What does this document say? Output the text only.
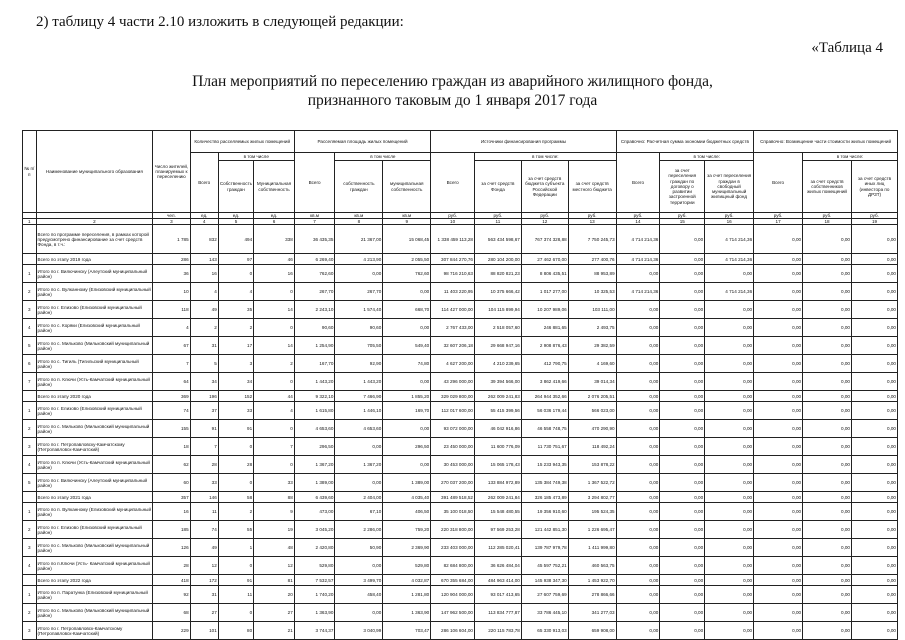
2) таблицу 4 части 2.10 изложить в следующей редакции:
«Таблица 4
План мероприятий по переселению граждан из аварийного жилищного фонда,
признанного таковым до 1 января 2017 года
№ п/п	Наименование муниципального образования	Число жителей, планируемых к переселению	Количество расселяемых жилых помещений			Расселяемая площадь жилых помещений			Источники финансирования программы				Справочно: Расчетная сумма экономии бюджетных средств			Справочно: Возмещение части стоимости жилых помещений		
			Всего	в том числе		Всего	в том числе		Всего	в том числе:			Всего	в том числе:		Всего	в том числе:	
				Собственность граждан	Муниципальная собственность		собственность граждан	муниципальная собственность		за счет средств Фонда	за счет средств бюджета субъекта Российской Федерации	за счет средств местного бюджета		за счет переселения граждан по договору о развитии застроенной территории	за счет переселения граждан в свободный муниципальный жилищный фонд		за счет средств собственников жилых помещений	за счет средств иных лиц (инвестора по ДРЗТ)
		чел.	ед.	ед.	ед.	кв.м	кв.м	кв.м	руб.	руб.	руб.	руб.	руб.	руб.	руб.	руб.	руб.	руб.
1	2	3	4	5	6	7	8	9	10	11	12	13	14	15	16	17	18	19
	Всего по программе переселения, в рамках которой предусмотрено финансирование за счет средств Фонда, в т.ч.:	1 785	832	494	338	36 435,35	21 367,00	15 068,45	1 338 459 113,28	563 434 598,67	767 374 328,88	7 750 245,73	4 714 214,36	0,00	4 714 214,36	0,00	0,00	0,00
	Всего по этапу 2019 года	286	143	97	46	6 269,40	4 213,90	2 055,50	307 844 270,76	280 104 200,00	27 462 670,00	277 400,76	4 714 214,36	0,00	4 714 214,36	0,00	0,00	0,00
1	Итого по г. Вилючинску (Алеутский муниципальный район)	36	16	0	16	762,60	0,00	762,60	98 716 210,63	88 820 821,23	8 806 435,51	88 953,89	0,00	0,00	0,00	0,00	0,00	0,00
2	Итого по с. Вулканному (Елизовский муниципальный район)	10	4	4	0	267,70	267,70	0,00	11 403 220,95	10 375 666,42	1 017 277,00	10 325,53	4 714 214,36	0,00	4 714 214,36	0,00	0,00	0,00
3	Итого по г. Елизово (Елизовский муниципальный район)	118	49	35	14	2 243,10	1 574,40	668,70	114 427 000,00	104 115 899,94	10 207 989,06	103 111,00	0,00	0,00	0,00	0,00	0,00	0,00
4	Итого по с. Коряки (Елизовский муниципальный район)	4	2	2	0	90,60	90,60	0,00	2 767 433,00	2 518 057,60	246 881,65	2 493,75	0,00	0,00	0,00	0,00	0,00	0,00
5	Итого по с. Мильково (Мильковский муниципальный район)	67	31	17	14	1 254,90	705,50	549,40	32 607 206,18	29 668 947,16	2 908 876,43	29 382,59	0,00	0,00	0,00	0,00	0,00	0,00
6	Итого по с. Тигиль (Тигильский муниципальный район)	7	5	3	2	167,70	92,90	74,80	4 627 200,00	4 210 239,65	412 790,75	4 169,60	0,00	0,00	0,00	0,00	0,00	0,00
7	Итого по п. Ключи (Усть-Камчатский муниципальный район)	64	34	34	0	1 443,20	1 443,20	0,00	43 296 000,00	39 394 566,00	3 862 419,66	39 014,34	0,00	0,00	0,00	0,00	0,00	0,00
	Всего по этапу 2020 года	369	196	152	44	9 322,10	7 466,90	1 855,20	329 029 800,00	262 009 241,83	264 944 352,66	2 076 205,51	0,00	0,00	0,00	0,00	0,00	0,00
1	Итого по г. Елизово (Елизовский муниципальный район)	74	37	33	4	1 615,80	1 446,10	169,70	112 017 600,00	55 415 399,56	56 036 179,44	566 023,00	0,00	0,00	0,00	0,00	0,00	0,00
2	Итого по с. Мильково (Мильковский муниципальный район)	155	91	91	0	4 653,60	4 653,60	0,00	93 072 000,00	46 042 916,86	46 558 748,75	470 290,90	0,00	0,00	0,00	0,00	0,00	0,00
3	Итого по г. Петропавловску-Камчатскому (Петропавловск-Камчатский)	18	7	0	7	296,50	0,00	296,50	23 450 000,00	11 600 776,09	11 730 751,67	118 492,24	0,00	0,00	0,00	0,00	0,00	0,00
4	Итого по п. Ключи (Усть-Камчатский муниципальный район)	62	28	28	0	1 367,20	1 367,20	0,00	30 453 000,00	15 065 178,43	15 233 943,35	153 878,22	0,00	0,00	0,00	0,00	0,00	0,00
5	Итого по г. Вилючинску (Алеутский муниципальный район)	60	33	0	33	1 389,00	0,00	1 389,00	270 037 200,00	133 884 972,89	135 384 749,38	1 367 522,72	0,00	0,00	0,00	0,00	0,00	0,00
	Всего по этапу 2021 года	357	146	58	88	6 439,60	2 404,00	4 035,40	391 489 518,52	262 009 241,84	326 185 473,89	3 294 802,77	0,00	0,00	0,00	0,00	0,00	0,00
1	Итого по п. Вулканному (Елизовский муниципальный район)	16	11	2	9	473,00	67,10	406,50	35 100 018,50	15 548 480,55	19 356 910,60	195 524,35	0,00	0,00	0,00	0,00	0,00	0,00
2	Итого по г. Елизово (Елизовский муниципальный район)	185	74	55	19	3 045,20	2 286,00	759,20	220 318 800,00	97 569 253,28	121 442 851,30	1 226 695,47	0,00	0,00	0,00	0,00	0,00	0,00
3	Итого по с. Мильково (Мильковский муниципальный район)	126	49	1	48	2 420,80	50,90	2 369,90	233 403 000,00	112 285 020,41	139 787 979,78	1 411 999,80	0,00	0,00	0,00	0,00	0,00	0,00
4	Итого по п.Ключи (Усть- Камчатский муниципальный район)	28	12	0	12	529,80	0,00	529,80	82 684 800,00	36 626 484,04	45 597 752,21	460 563,75	0,00	0,00	0,00	0,00	0,00	0,00
	Всего по этапу 2022 года	418	172	91	81	7 532,57	3 499,70	4 032,87	670 355 684,00	484 963 414,00	145 938 347,30	1 453 922,70	0,00	0,00	0,00	0,00	0,00	0,00
1	Итого по п. Паратунка (Елизовский муниципальный район)	92	31	11	20	1 740,20	458,40	1 281,80	120 904 000,00	93 017 413,65	27 607 759,69	278 866,66	0,00	0,00	0,00	0,00	0,00	0,00
2	Итого по с. Мильково (Мильковский муниципальный район)	68	27	0	27	1 363,90	0,00	1 363,90	147 962 500,00	113 834 777,87	33 786 445,10	341 277,03	0,00	0,00	0,00	0,00	0,00	0,00
3	Итого по г. Петропавловск-Камчатскому (Петропавловск-Камчатский)	229	101	80	21	3 744,37	3 040,99	703,47	286 106 604,00	220 115 783,78	65 330 913,03	659 908,00	0,00	0,00	0,00	0,00	0,00	0,00
